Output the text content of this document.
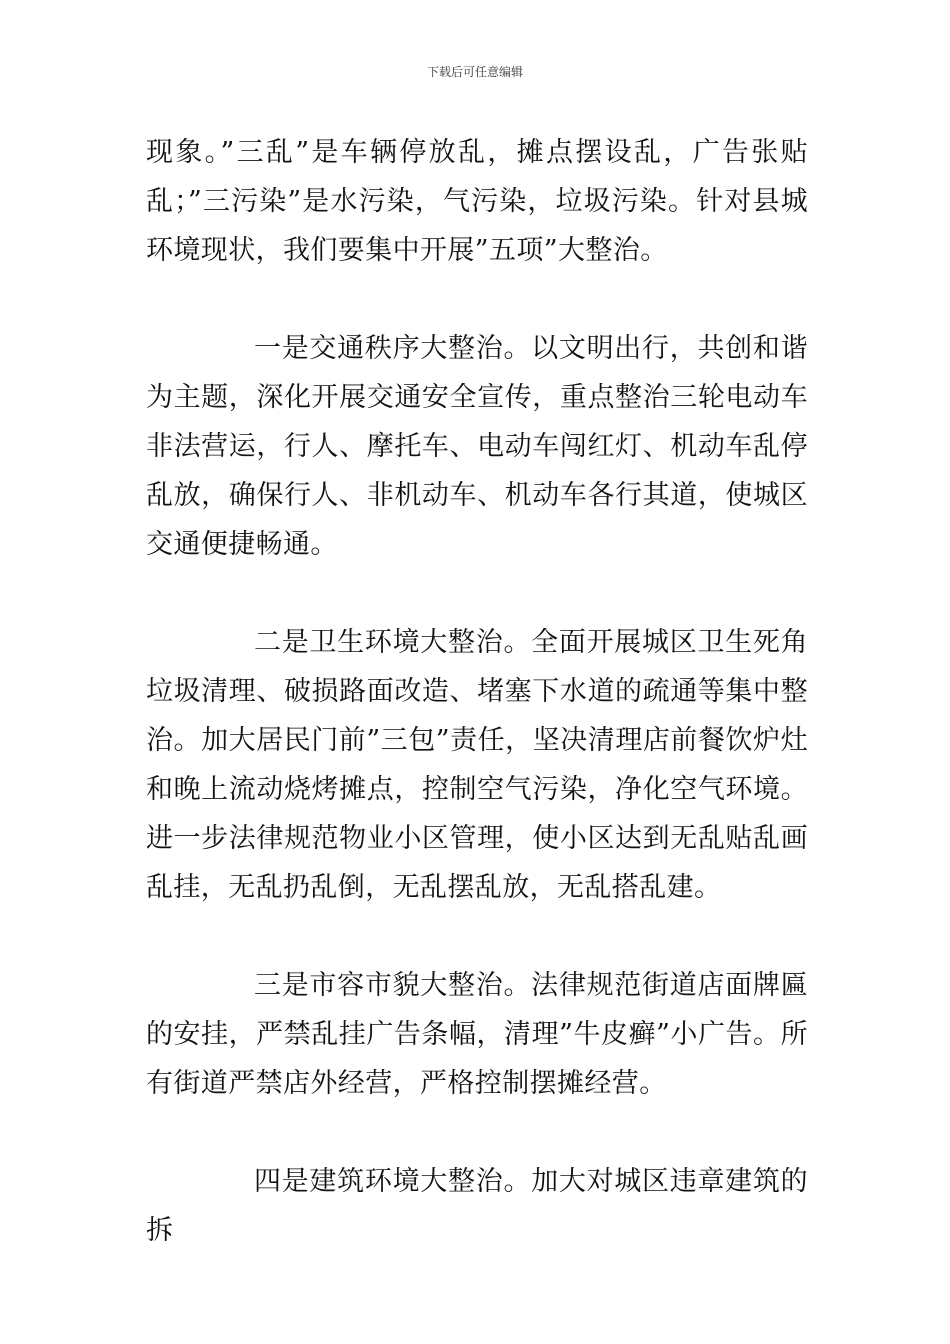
下载后可任意编辑

现象。”三乱”是车辆停放乱，摊点摆设乱，广告张贴乱；”三污染”是水污染，气污染，垃圾污染。针对县城环境现状，我们要集中开展”五项”大整治。

一是交通秩序大整治。以文明出行，共创和谐为主题，深化开展交通安全宣传，重点整治三轮电动车非法营运，行人、摩托车、电动车闯红灯、机动车乱停乱放，确保行人、非机动车、机动车各行其道，使城区交通便捷畅通。

二是卫生环境大整治。全面开展城区卫生死角垃圾清理、破损路面改造、堵塞下水道的疏通等集中整治。加大居民门前”三包”责任，坚决清理店前餐饮炉灶和晚上流动烧烤摊点，控制空气污染，净化空气环境。进一步法律规范物业小区管理，使小区达到无乱贴乱画乱挂，无乱扔乱倒，无乱摆乱放，无乱搭乱建。

三是市容市貌大整治。法律规范街道店面牌匾的安挂，严禁乱挂广告条幅，清理”牛皮癣”小广告。所有街道严禁店外经营，严格控制摆摊经营。

四是建筑环境大整治。加大对城区违章建筑的拆
